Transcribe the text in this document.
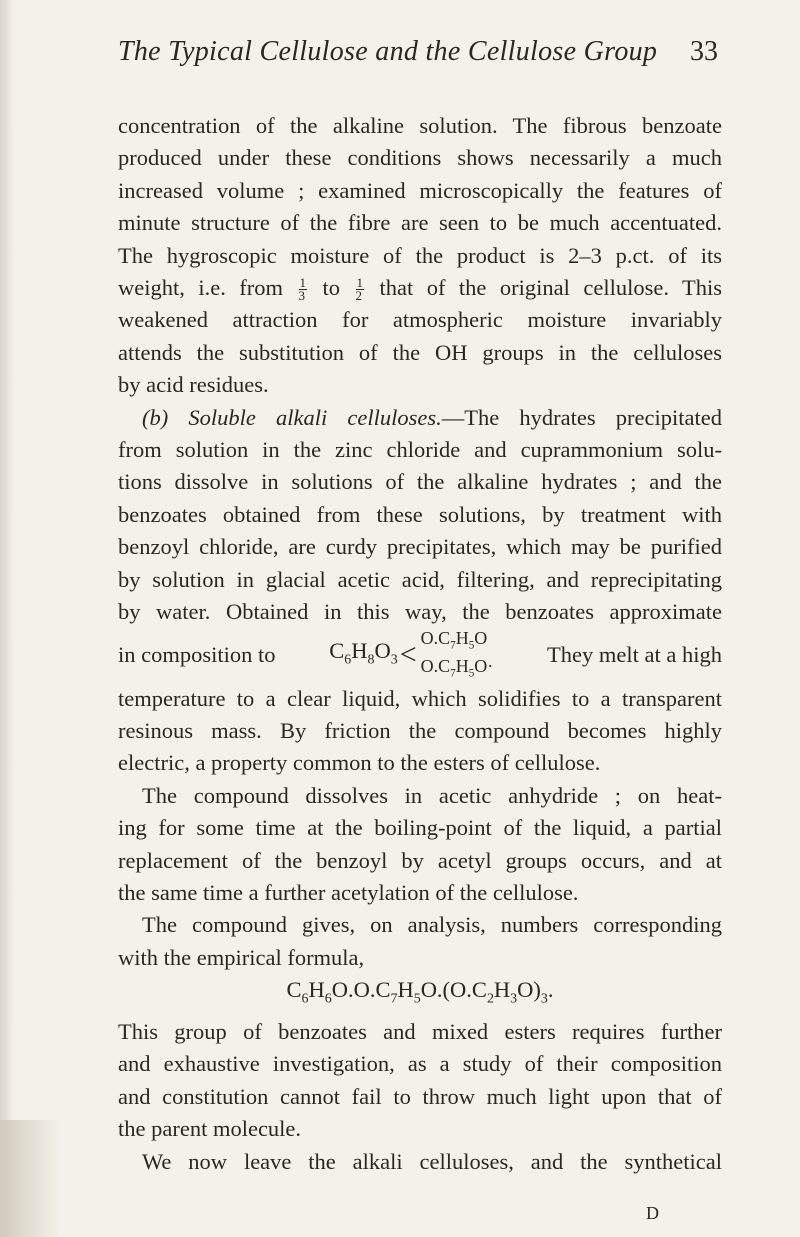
The Typical Cellulose and the Cellulose Group 33

concentration of the alkaline solution. The fibrous benzoate

produced under these conditions shows necessarily a much

increased volume ; examined microscopically the features of

minute structure of the fibre are seen to be much accentuated.

The hygroscopic moisture of the product is 2–3 p.ct. of its

weight, i.e. from $\frac{1}{3}$ to $\frac{1}{2}$ that of the original cellulose. This

weakened attraction for atmospheric moisture invariably

attends the substitution of the OH groups in the celluloses

by acid residues.

(b) Soluble alkali celluloses.—The hydrates precipitated

from solution in the zinc chloride and cuprammonium solu-

tions dissolve in solutions of the alkaline hydrates ; and the

benzoates obtained from these solutions, by treatment with

benzoyl chloride, are curdy precipitates, which may be purified

by solution in glacial acetic acid, filtering, and reprecipitating

by water. Obtained in this way, the benzoates approximate

in composition to $C_6H_8O_3$ <
$O.C_7H_5O$
$O.C_7H_5O\cdot$ They melt at a high

temperature to a clear liquid, which solidifies to a transparent

resinous mass. By friction the compound becomes highly

electric, a property common to the esters of cellulose.

The compound dissolves in acetic anhydride ; on heat-

ing for some time at the boiling-point of the liquid, a partial

replacement of the benzoyl by acetyl groups occurs, and at

the same time a further acetylation of the cellulose.

The compound gives, on analysis, numbers corresponding

with the empirical formula,

$C_6H_6O.O.C_7H_5O.(O.C_2H_3O)_3$.

This group of benzoates and mixed esters requires further

and exhaustive investigation, as a study of their composition

and constitution cannot fail to throw much light upon that of

the parent molecule.

We now leave the alkali celluloses, and the synthetical

D
